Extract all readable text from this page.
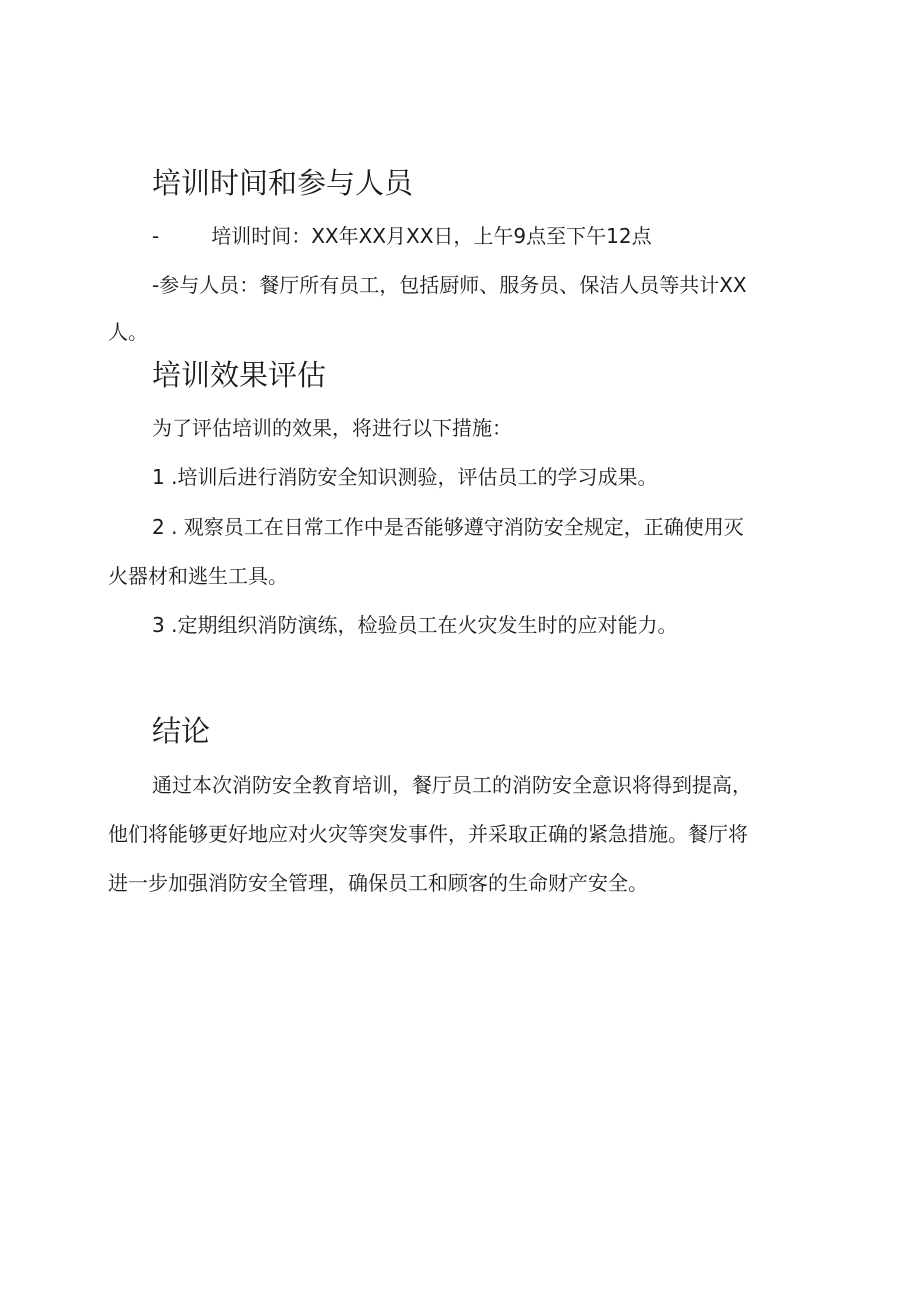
培训时间和参与人员

-	培训时间：XX年XX月XX日，上午9点至下午12点

-参与人员：餐厅所有员工，包括厨师、服务员、保洁人员等共计XX

人。

培训效果评估

为了评估培训的效果，将进行以下措施：

1 .培训后进行消防安全知识测验，评估员工的学习成果。

2 . 观察员工在日常工作中是否能够遵守消防安全规定，正确使用灭

火器材和逃生工具。

3 .定期组织消防演练，检验员工在火灾发生时的应对能力。

结论

通过本次消防安全教育培训，餐厅员工的消防安全意识将得到提高，

他们将能够更好地应对火灾等突发事件，并采取正确的紧急措施。餐厅将

进一步加强消防安全管理，确保员工和顾客的生命财产安全。
